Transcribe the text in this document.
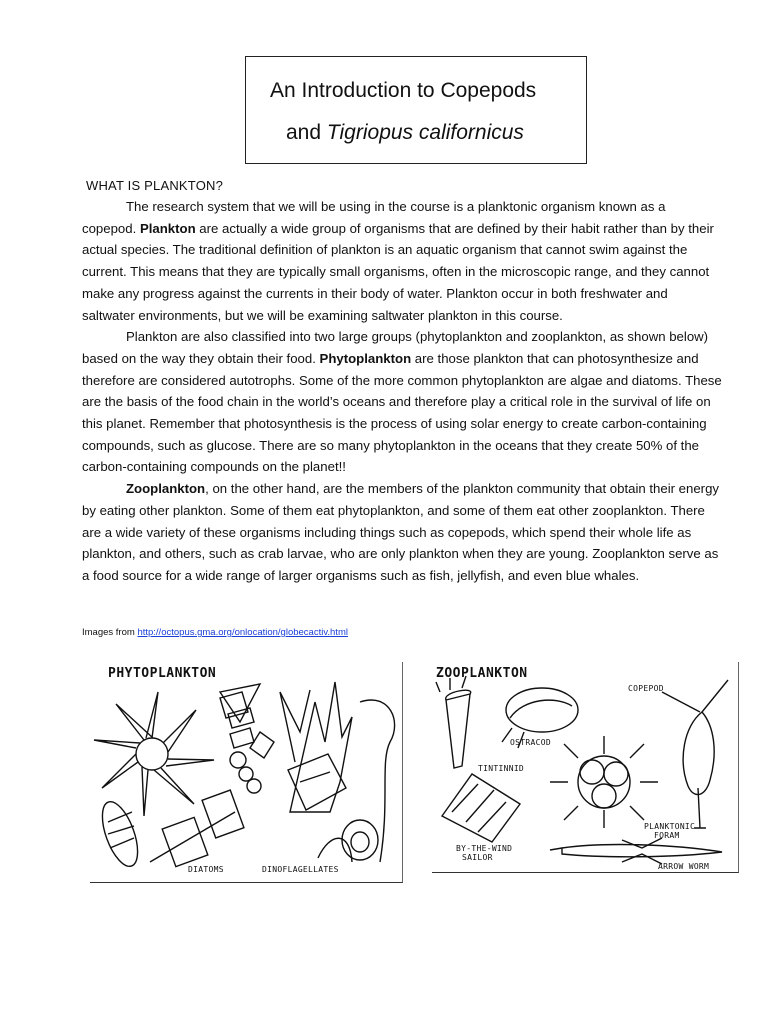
An Introduction to Copepods
and Tigriopus californicus
WHAT IS PLANKTON?

The research system that we will be using in the course is a planktonic organism known as a copepod. Plankton are actually a wide group of organisms that are defined by their habit rather than by their actual species. The traditional definition of plankton is an aquatic organism that cannot swim against the current. This means that they are typically small organisms, often in the microscopic range, and they cannot make any progress against the currents in their body of water. Plankton occur in both freshwater and saltwater environments, but we will be examining saltwater plankton in this course.

Plankton are also classified into two large groups (phytoplankton and zooplankton, as shown below) based on the way they obtain their food. Phytoplankton are those plankton that can photosynthesize and therefore are considered autotrophs. Some of the more common phytoplankton are algae and diatoms. These are the basis of the food chain in the world’s oceans and therefore play a critical role in the survival of life on this planet. Remember that photosynthesis is the process of using solar energy to create carbon-containing compounds, such as glucose. There are so many phytoplankton in the oceans that they create 50% of the carbon-containing compounds on the planet!!

Zooplankton, on the other hand, are the members of the plankton community that obtain their energy by eating other plankton. Some of them eat phytoplankton, and some of them eat other zooplankton. There are a wide variety of these organisms including things such as copepods, which spend their whole life as plankton, and others, such as crab larvae, who are only plankton when they are young. Zooplankton serve as a food source for a wide range of larger organisms such as fish, jellyfish, and even blue whales.

Images from http://octopus.gma.org/onlocation/globecactiv.html
PHYTOPLANKTON
DIATOMS	DINOFLAGELLATES
ZOOPLANKTON
COPEPOD
OSTRACOD
TINTINNID
PLANKTONIC
FORAM
BY-THE-WIND
SAILOR
ARROW WORM
